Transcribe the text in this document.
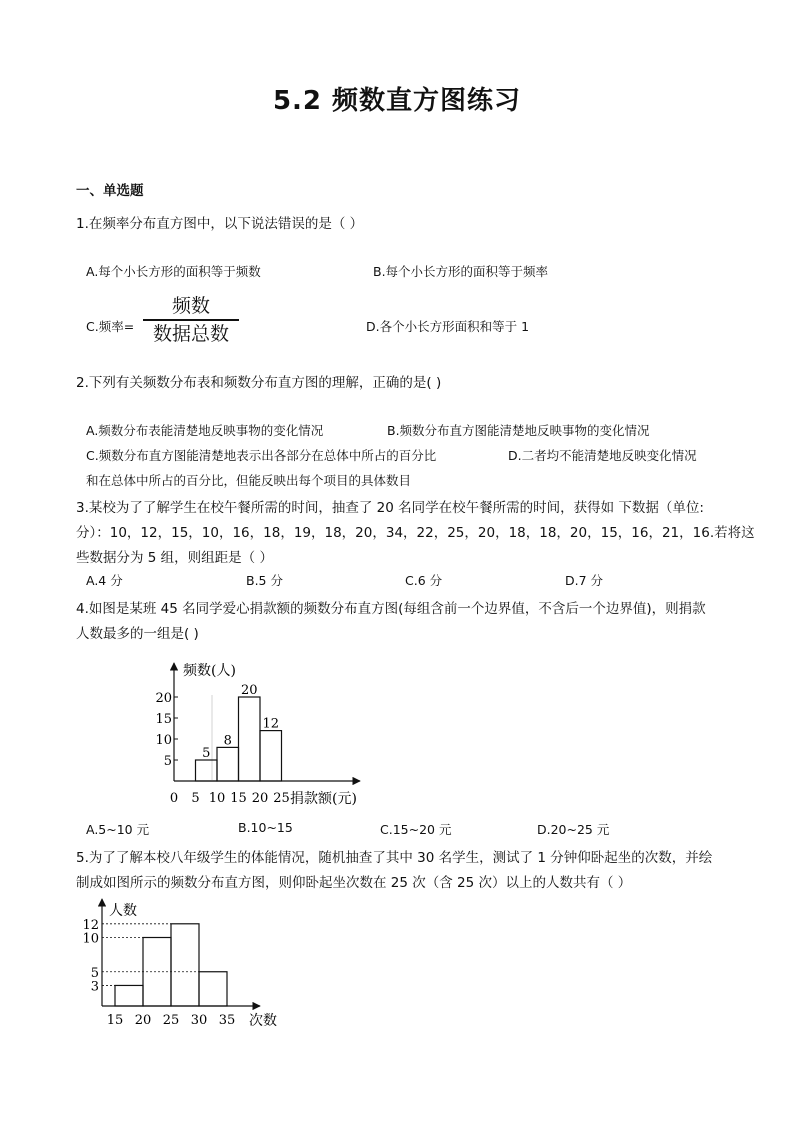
5.2 频数直方图练习
一、单选题
1.在频率分布直方图中，以下说法错误的是（ ）
A.每个小长方形的面积等于频数	B.每个小长方形的面积等于频率
C.频率=
频数
数据总数	D.各个小长方形面积和等于 1
2.下列有关频数分布表和频数分布直方图的理解，正确的是( )
A.频数分布表能清楚地反映事物的变化情况	B.频数分布直方图能清楚地反映事物的变化情况
C.频数分布直方图能清楚地表示出各部分在总体中所占的百分比	D.二者均不能清楚地反映变化情况
和在总体中所占的百分比，但能反映出每个项目的具体数目
3.某校为了了解学生在校午餐所需的时间，抽查了 20 名同学在校午餐所需的时间，获得如 下数据（单位:
分）：10，12，15，10，16，18，19，18，20，34，22，25，20，18，18，20，15，16，21，16.若将这
些数据分为 5 组，则组距是（ ）
A.4 分	B.5 分	C.6 分	D.7 分
4.如图是某班 45 名同学爱心捐款额的频数分布直方图(每组含前一个边界值，不含后一个边界值)，则捐款
人数最多的一组是( )
频数(人)
捐款额(元)
5
8
20
12
0 5 10 15 20 25
5
10
15
20
A.5~10 元	B.10~15	C.15~20 元	D.20~25 元
5.为了了解本校八年级学生的体能情况，随机抽查了其中 30 名学生，测试了 1 分钟仰卧起坐的次数，并绘
制成如图所示的频数分布直方图，则仰卧起坐次数在 25 次（含 25 次）以上的人数共有（ ）
人数
次数
15 20 25 30 35
3
5
10
12
